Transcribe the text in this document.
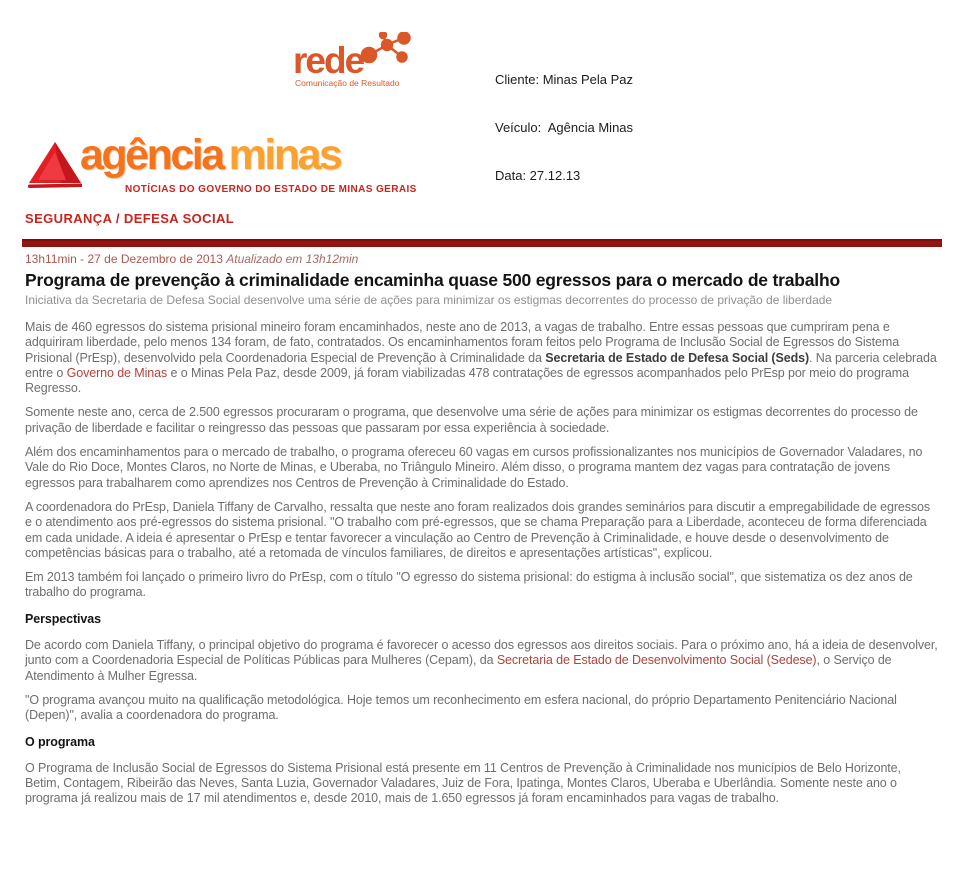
rede
Comunicação de Resultado

	Cliente: Minas Pela Paz

Veículo:  Agência Minas

Data: 27.12.13

agência minas
NOTÍCIAS DO GOVERNO DO ESTADO DE MINAS GERAIS
SEGURANÇA / DEFESA SOCIAL
13h11min - 27 de Dezembro de 2013 Atualizado em 13h12min
Programa de prevenção à criminalidade encaminha quase 500 egressos para o mercado de trabalho
Iniciativa da Secretaria de Defesa Social desenvolve uma série de ações para minimizar os estigmas decorrentes do processo de privação de liberdade
Mais de 460 egressos do sistema prisional mineiro foram encaminhados, neste ano de 2013, a vagas de trabalho. Entre essas pessoas que cumpriram pena e adquiriram liberdade, pelo menos 134 foram, de fato, contratados. Os encaminhamentos foram feitos pelo Programa de Inclusão Social de Egressos do Sistema Prisional (PrEsp), desenvolvido pela Coordenadoria Especial de Prevenção à Criminalidade da Secretaria de Estado de Defesa Social (Seds). Na parceria celebrada entre o Governo de Minas e o Minas Pela Paz, desde 2009, já foram viabilizadas 478 contratações de egressos acompanhados pelo PrEsp por meio do programa Regresso.
Somente neste ano, cerca de 2.500 egressos procuraram o programa, que desenvolve uma série de ações para minimizar os estigmas decorrentes do processo de privação de liberdade e facilitar o reingresso das pessoas que passaram por essa experiência à sociedade.
Além dos encaminhamentos para o mercado de trabalho, o programa ofereceu 60 vagas em cursos profissionalizantes nos municípios de Governador Valadares, no Vale do Rio Doce, Montes Claros, no Norte de Minas, e Uberaba, no Triângulo Mineiro. Além disso, o programa mantem dez vagas para contratação de jovens egressos para trabalharem como aprendizes nos Centros de Prevenção à Criminalidade do Estado.
A coordenadora do PrEsp, Daniela Tiffany de Carvalho, ressalta que neste ano foram realizados dois grandes seminários para discutir a empregabilidade de egressos e o atendimento aos pré-egressos do sistema prisional. "O trabalho com pré-egressos, que se chama Preparação para a Liberdade, aconteceu de forma diferenciada em cada unidade. A ideia é apresentar o PrEsp e tentar favorecer a vinculação ao Centro de Prevenção à Criminalidade, e houve desde o desenvolvimento de competências básicas para o trabalho, até a retomada de vínculos familiares, de direitos e apresentações artísticas", explicou.
Em 2013 também foi lançado o primeiro livro do PrEsp, com o título "O egresso do sistema prisional: do estigma à inclusão social", que sistematiza os dez anos de trabalho do programa.
Perspectivas
De acordo com Daniela Tiffany, o principal objetivo do programa é favorecer o acesso dos egressos aos direitos sociais. Para o próximo ano, há a ideia de desenvolver, junto com a Coordenadoria Especial de Políticas Públicas para Mulheres (Cepam), da Secretaria de Estado de Desenvolvimento Social (Sedese), o Serviço de Atendimento à Mulher Egressa.
"O programa avançou muito na qualificação metodológica. Hoje temos um reconhecimento em esfera nacional, do próprio Departamento Penitenciário Nacional (Depen)", avalia a coordenadora do programa.
O programa
O Programa de Inclusão Social de Egressos do Sistema Prisional está presente em 11 Centros de Prevenção à Criminalidade nos municípios de Belo Horizonte, Betim, Contagem, Ribeirão das Neves, Santa Luzia, Governador Valadares, Juiz de Fora, Ipatinga, Montes Claros, Uberaba e Uberlândia. Somente neste ano o programa já realizou mais de 17 mil atendimentos e, desde 2010, mais de 1.650 egressos já foram encaminhados para vagas de trabalho.
